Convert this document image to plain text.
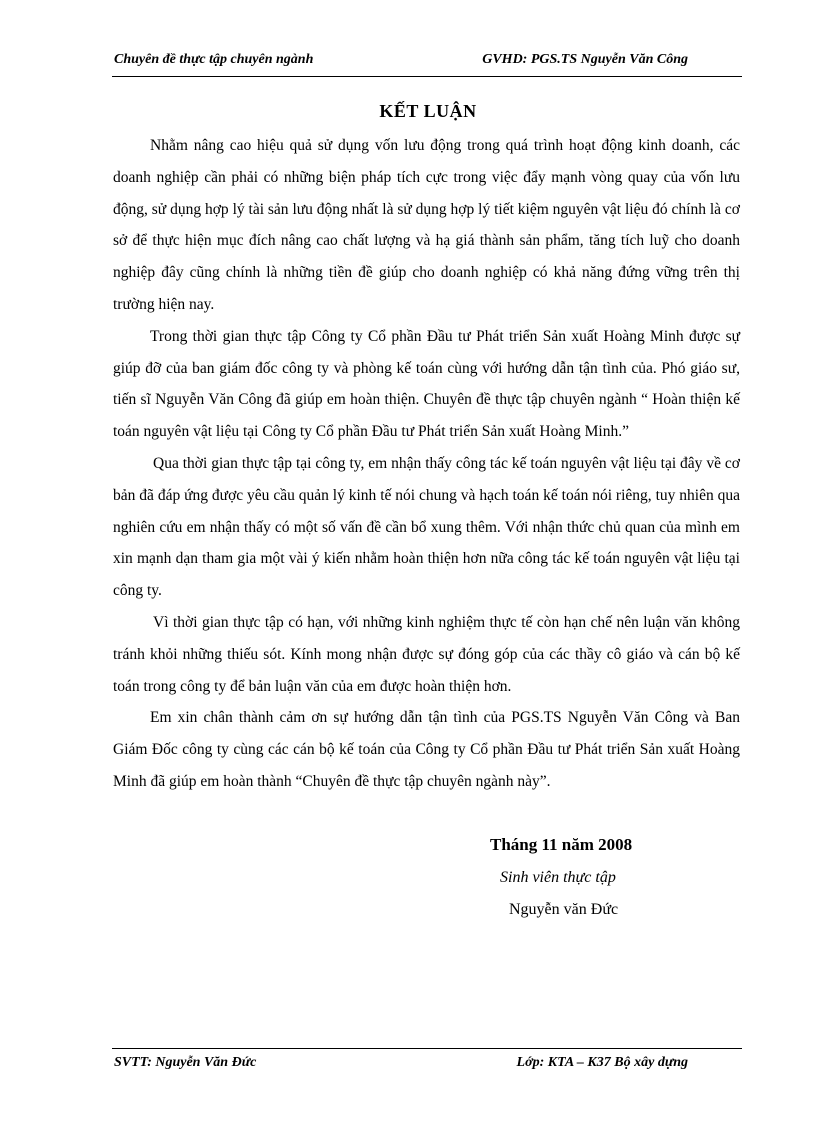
Chuyên đề thực tập chuyên ngành	GVHD: PGS.TS Nguyễn Văn Công
KẾT LUẬN

Nhằm nâng cao hiệu quả sử dụng vốn lưu động trong quá trình hoạt động kinh doanh, các doanh nghiệp cần phải có những biện pháp tích cực trong việc đẩy mạnh vòng quay của vốn lưu động, sử dụng hợp lý tài sản lưu động nhất là sử dụng hợp lý tiết kiệm nguyên vật liệu đó chính là cơ sở để thực hiện mục đích nâng cao chất lượng và hạ giá thành sản phẩm, tăng tích luỹ cho doanh nghiệp đây cũng chính là những tiền đề giúp cho doanh nghiệp có khả năng đứng vững trên thị trường hiện nay.

Trong thời gian thực tập Công ty Cổ phần Đầu tư Phát triển Sản xuất Hoàng Minh được sự giúp đỡ của ban giám đốc công ty và phòng kế toán cùng với hướng dẫn tận tình của. Phó giáo sư, tiến sĩ Nguyễn Văn Công đã giúp em hoàn thiện. Chuyên đề thực tập chuyên ngành “ Hoàn thiện kế toán nguyên vật liệu tại Công ty Cổ phần Đầu tư Phát triển Sản xuất Hoàng Minh.”

Qua thời gian thực tập tại công ty, em nhận thấy công tác kế toán nguyên vật liệu tại đây về cơ bản đã đáp ứng được yêu cầu quản lý kinh tế nói chung và hạch toán kế toán nói riêng, tuy nhiên qua nghiên cứu em nhận thấy có một số vấn đề cần bổ xung thêm. Với nhận thức chủ quan của mình em xin mạnh dạn tham gia một vài ý kiến nhằm hoàn thiện hơn nữa công tác kế toán nguyên vật liệu tại công ty.

Vì thời gian thực tập có hạn, với những kinh nghiệm thực tế còn hạn chế nên luận văn không tránh khỏi những thiếu sót. Kính mong nhận được sự đóng góp của các thầy cô giáo và cán bộ kế toán trong công ty để bản luận văn của em được hoàn thiện hơn.

Em xin chân thành cảm ơn sự hướng dẫn tận tình của PGS.TS Nguyễn Văn Công và Ban Giám Đốc công ty cùng các cán bộ kế toán của Công ty Cổ phần Đầu tư Phát triển Sản xuất Hoàng Minh đã giúp em hoàn thành “Chuyên đề thực tập chuyên ngành này”.

Tháng 11 năm 2008
Sinh viên thực tập
Nguyễn văn Đức
SVTT: Nguyễn Văn Đức	Lớp: KTA – K37 Bộ xây dựng
